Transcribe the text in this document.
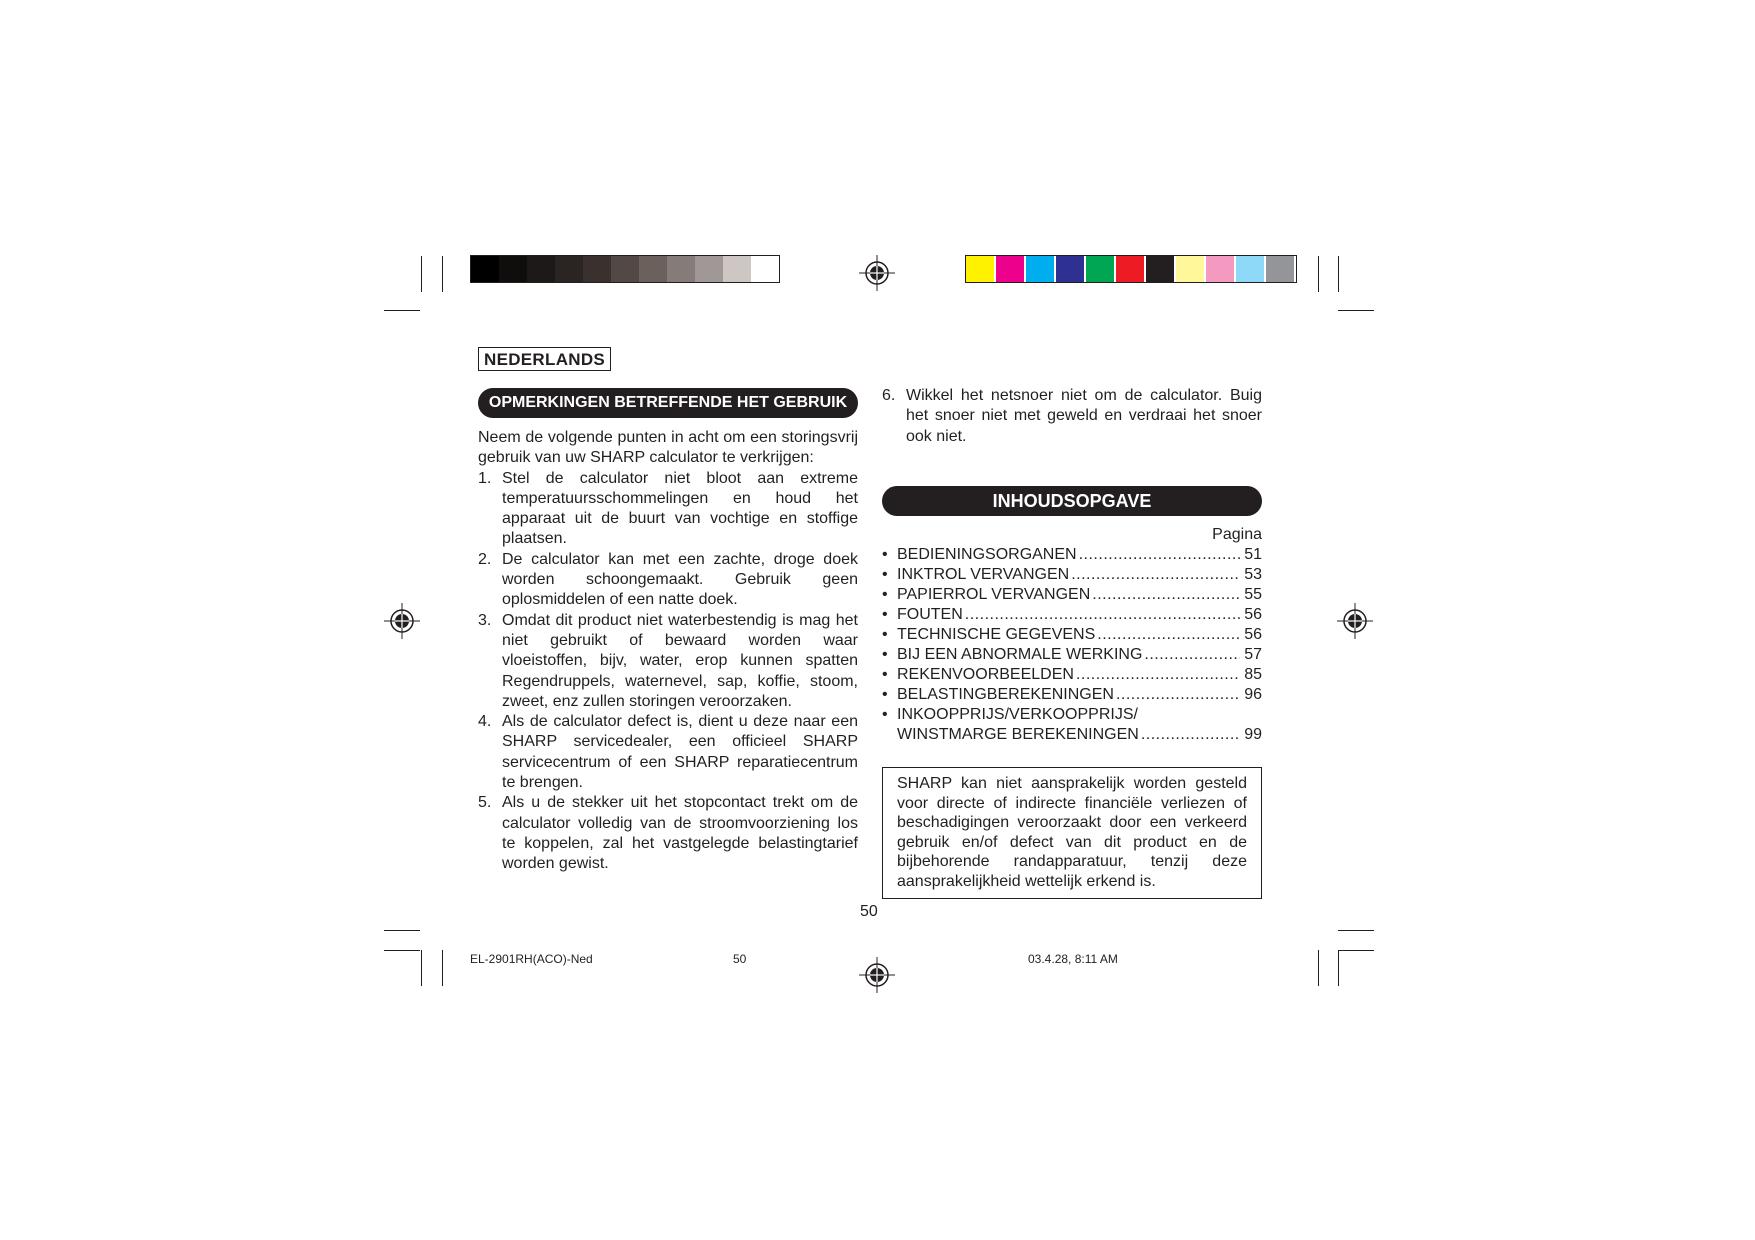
NEDERLANDS
OPMERKINGEN BETREFFENDE HET GEBRUIK

Neem de volgende punten in acht om een storingsvrij gebruik van uw SHARP calculator te verkrijgen:

1. Stel de calculator niet bloot aan extreme temperatuursschommelingen en houd het apparaat uit de buurt van vochtige en stoffige plaatsen.
2. De calculator kan met een zachte, droge doek worden schoongemaakt. Gebruik geen oplosmiddelen of een natte doek.
3. Omdat dit product niet waterbestendig is mag het niet gebruikt of bewaard worden waar vloeistoffen, bijv, water, erop kunnen spatten Regendruppels, waternevel, sap, koffie, stoom, zweet, enz zullen storingen veroorzaken.
4. Als de calculator defect is, dient u deze naar een SHARP servicedealer, een officieel SHARP servicecentrum of een SHARP reparatiecentrum te brengen.
5. Als u de stekker uit het stopcontact trekt om de calculator volledig van de stroomvoorziening los te koppelen, zal het vastgelegde belastingtarief worden gewist.
6. Wikkel het netsnoer niet om de calculator. Buig het snoer niet met geweld en verdraai het snoer ook niet.
INHOUDSOPGAVE
Pagina
• BEDIENINGSORGANEN .....	51
• INKTROL VERVANGEN .....	53
• PAPIERROL VERVANGEN .....	55
• FOUTEN .....	56
• TECHNISCHE GEGEVENS .....	56
• BIJ EEN ABNORMALE WERKING .....	57
• REKENVOORBEELDEN .....	85
• BELASTINGBEREKENINGEN .....	96
• INKOOPPRIJS/VERKOOPPRIJS/
WINSTMARGE BEREKENINGEN .....	99
SHARP kan niet aansprakelijk worden gesteld voor directe of indirecte financiële verliezen of beschadigingen veroorzaakt door een verkeerd gebruik en/of defect van dit product en de bijbehorende randapparatuur, tenzij deze aansprakelijkheid wettelijk erkend is.
50
EL-2901RH(ACO)-Ned	50	03.4.28, 8:11 AM
